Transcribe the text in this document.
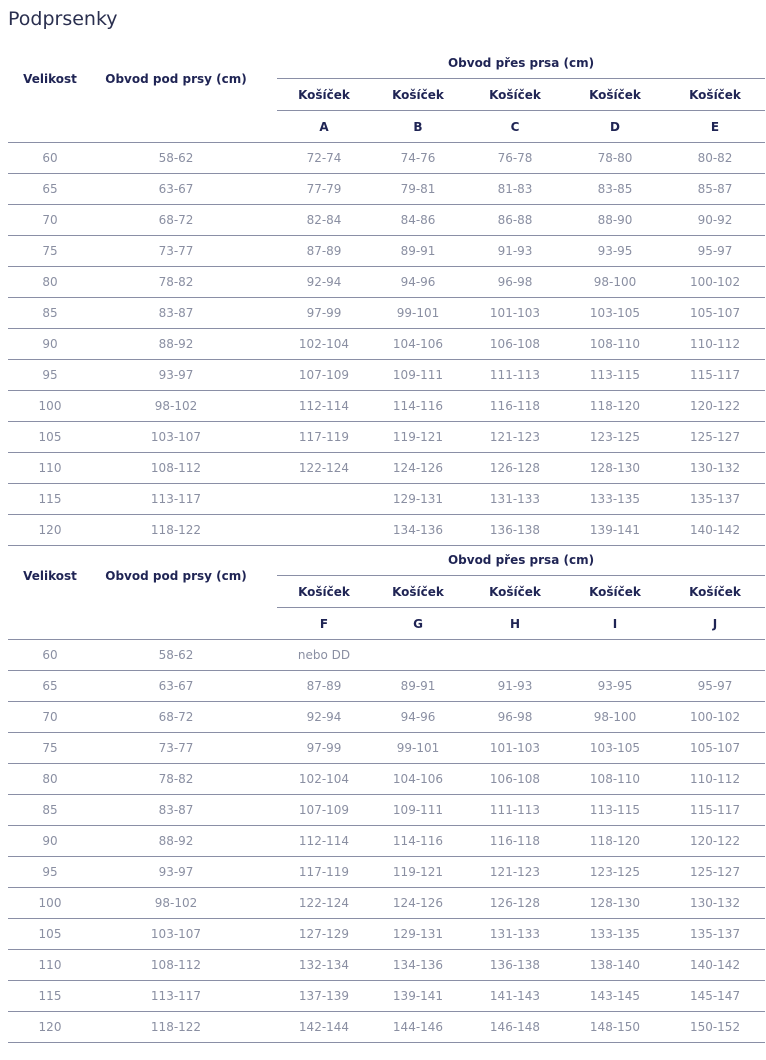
Podprsenky
Velikost	Obvod pod prsy (cm)		Obvod přes prsa (cm)				
			Košíček	Košíček	Košíček	Košíček	Košíček
			A	B	C	D	E
60	58-62		72-74	74-76	76-78	78-80	80-82
65	63-67		77-79	79-81	81-83	83-85	85-87
70	68-72		82-84	84-86	86-88	88-90	90-92
75	73-77		87-89	89-91	91-93	93-95	95-97
80	78-82		92-94	94-96	96-98	98-100	100-102
85	83-87		97-99	99-101	101-103	103-105	105-107
90	88-92		102-104	104-106	106-108	108-110	110-112
95	93-97		107-109	109-111	111-113	113-115	115-117
100	98-102		112-114	114-116	116-118	118-120	120-122
105	103-107		117-119	119-121	121-123	123-125	125-127
110	108-112		122-124	124-126	126-128	128-130	130-132
115	113-117			129-131	131-133	133-135	135-137
120	118-122			134-136	136-138	139-141	140-142
Velikost	Obvod pod prsy (cm)		Obvod přes prsa (cm)				
			Košíček	Košíček	Košíček	Košíček	Košíček
			F	G	H	I	J
60	58-62		nebo DD				
65	63-67		87-89	89-91	91-93	93-95	95-97
70	68-72		92-94	94-96	96-98	98-100	100-102
75	73-77		97-99	99-101	101-103	103-105	105-107
80	78-82		102-104	104-106	106-108	108-110	110-112
85	83-87		107-109	109-111	111-113	113-115	115-117
90	88-92		112-114	114-116	116-118	118-120	120-122
95	93-97		117-119	119-121	121-123	123-125	125-127
100	98-102		122-124	124-126	126-128	128-130	130-132
105	103-107		127-129	129-131	131-133	133-135	135-137
110	108-112		132-134	134-136	136-138	138-140	140-142
115	113-117		137-139	139-141	141-143	143-145	145-147
120	118-122		142-144	144-146	146-148	148-150	150-152
